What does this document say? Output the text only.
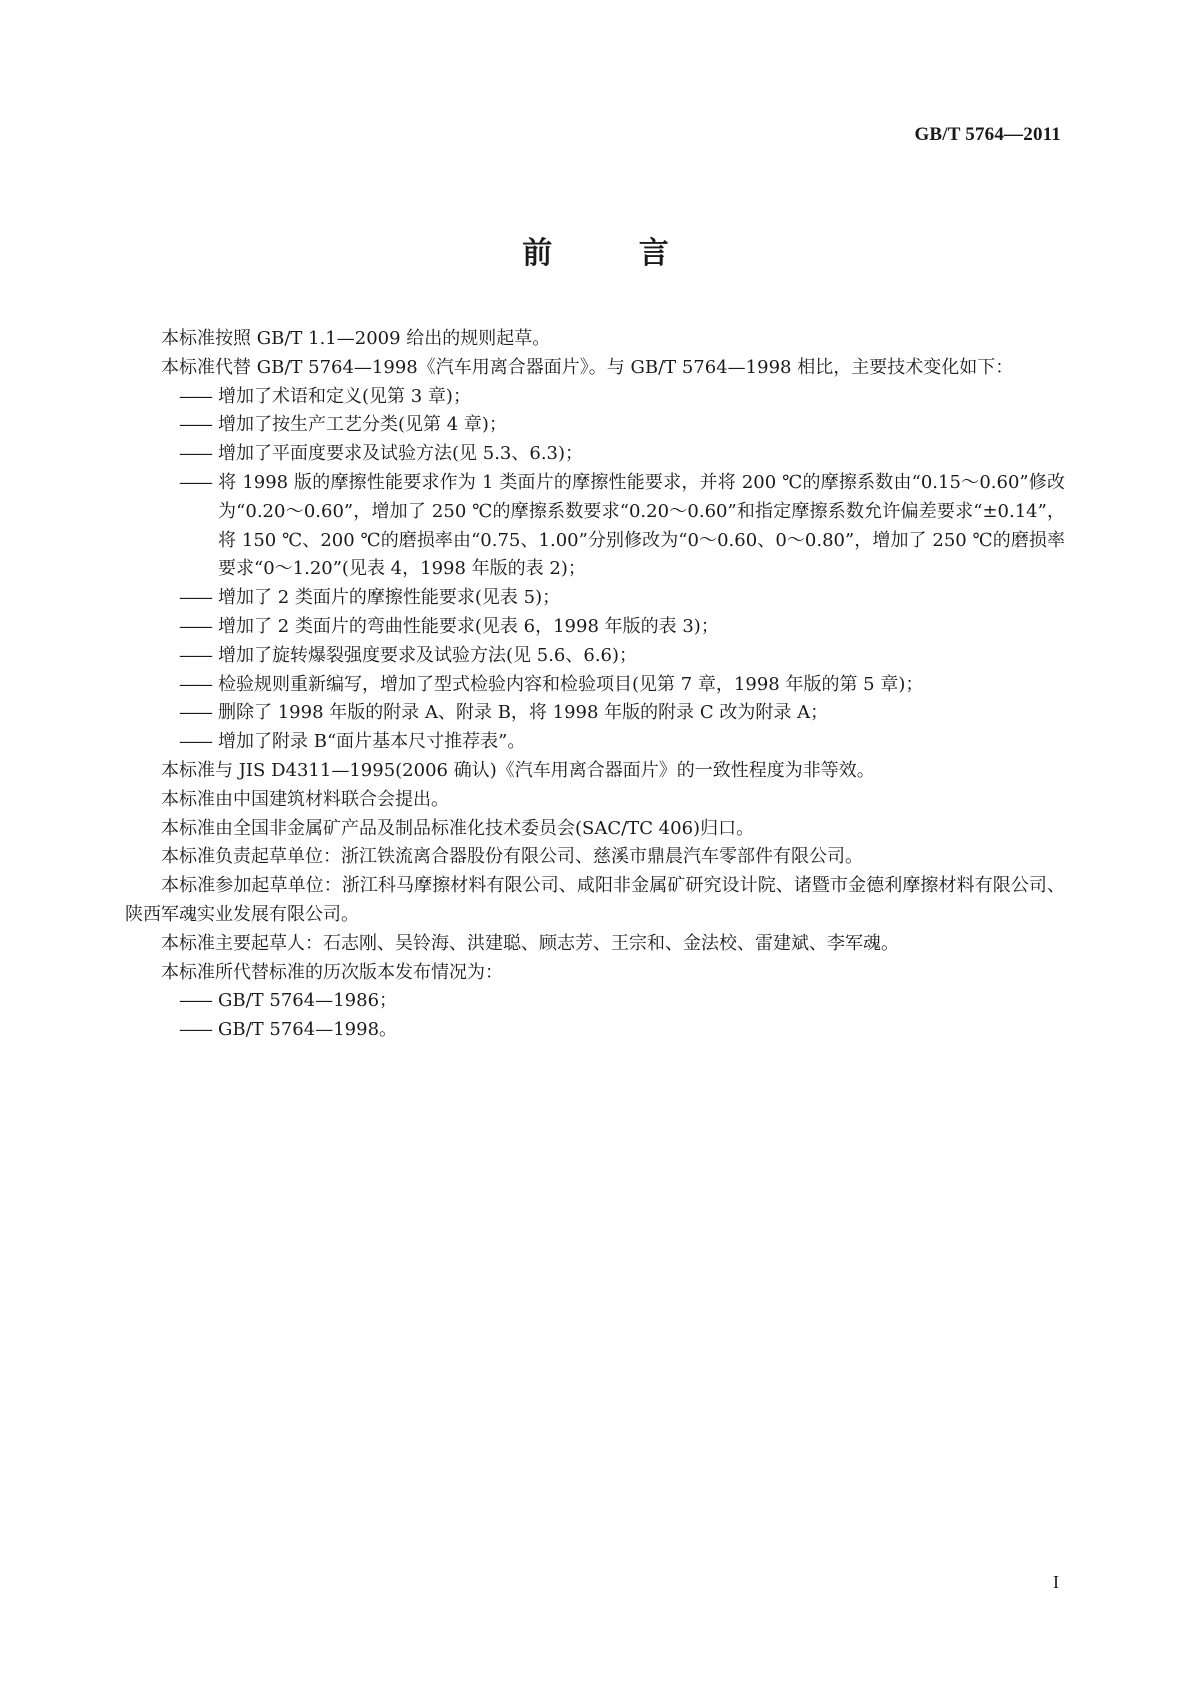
GB/T 5764—2011
前 言

本标准按照 GB/T 1.1—2009 给出的规则起草。

本标准代替 GB/T 5764—1998《汽车用离合器面片》。与 GB/T 5764—1998 相比，主要技术变化如下：

—— 增加了术语和定义(见第 3 章)；

—— 增加了按生产工艺分类(见第 4 章)；

—— 增加了平面度要求及试验方法(见 5.3、6.3)；

—— 将 1998 版的摩擦性能要求作为 1 类面片的摩擦性能要求，并将 200 ℃的摩擦系数由“0.15～0.60”修改为“0.20～0.60”，增加了 250 ℃的摩擦系数要求“0.20～0.60”和指定摩擦系数允许偏差要求“±0.14”，将 150 ℃、200 ℃的磨损率由“0.75、1.00”分别修改为“0～0.60、0～0.80”，增加了 250 ℃的磨损率要求“0～1.20”(见表 4，1998 年版的表 2)；

—— 增加了 2 类面片的摩擦性能要求(见表 5)；

—— 增加了 2 类面片的弯曲性能要求(见表 6，1998 年版的表 3)；

—— 增加了旋转爆裂强度要求及试验方法(见 5.6、6.6)；

—— 检验规则重新编写，增加了型式检验内容和检验项目(见第 7 章，1998 年版的第 5 章)；

—— 删除了 1998 年版的附录 A、附录 B，将 1998 年版的附录 C 改为附录 A；

—— 增加了附录 B“面片基本尺寸推荐表”。

本标准与 JIS D4311—1995(2006 确认)《汽车用离合器面片》的一致性程度为非等效。

本标准由中国建筑材料联合会提出。

本标准由全国非金属矿产品及制品标准化技术委员会(SAC/TC 406)归口。

本标准负责起草单位：浙江铁流离合器股份有限公司、慈溪市鼎晨汽车零部件有限公司。

本标准参加起草单位：浙江科马摩擦材料有限公司、咸阳非金属矿研究设计院、诸暨市金德利摩擦材料有限公司、陕西军魂实业发展有限公司。

本标准主要起草人：石志刚、吴铃海、洪建聪、顾志芳、王宗和、金法校、雷建斌、李军魂。

本标准所代替标准的历次版本发布情况为：

—— GB/T 5764—1986；

—— GB/T 5764—1998。

I
